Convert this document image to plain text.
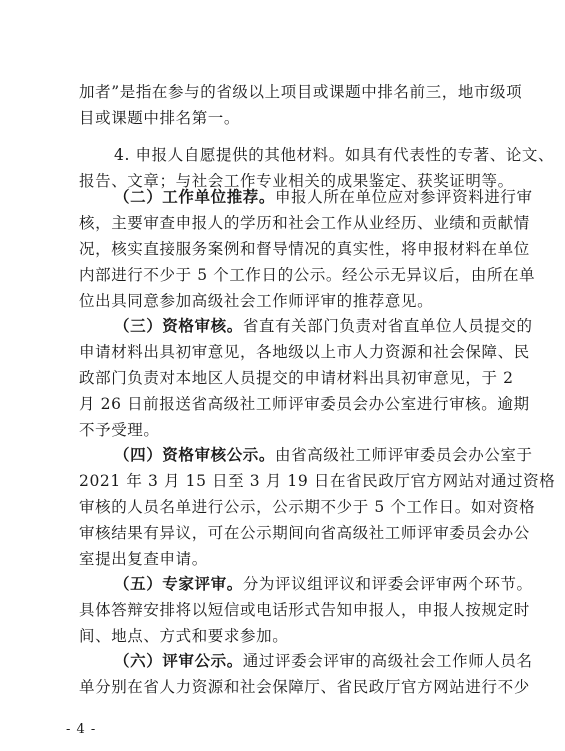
加者”是指在参与的省级以上项目或课题中排名前三，地市级项
目或课题中排名第一。
4. 申报人自愿提供的其他材料。如具有代表性的专著、论文、
报告、文章；与社会工作专业相关的成果鉴定、获奖证明等。
（二）工作单位推荐。申报人所在单位应对参评资料进行审
核，主要审查申报人的学历和社会工作从业经历、业绩和贡献情
况，核实直接服务案例和督导情况的真实性，将申报材料在单位
内部进行不少于 5 个工作日的公示。经公示无异议后，由所在单
位出具同意参加高级社会工作师评审的推荐意见。
（三）资格审核。省直有关部门负责对省直单位人员提交的
申请材料出具初审意见，各地级以上市人力资源和社会保障、民
政部门负责对本地区人员提交的申请材料出具初审意见，于 2
月 26 日前报送省高级社工师评审委员会办公室进行审核。逾期
不予受理。
（四）资格审核公示。由省高级社工师评审委员会办公室于
2021 年 3 月 15 日至 3 月 19 日在省民政厅官方网站对通过资格
审核的人员名单进行公示，公示期不少于 5 个工作日。如对资格
审核结果有异议，可在公示期间向省高级社工师评审委员会办公
室提出复查申请。
（五）专家评审。分为评议组评议和评委会评审两个环节。
具体答辩安排将以短信或电话形式告知申报人，申报人按规定时
间、地点、方式和要求参加。
（六）评审公示。通过评委会评审的高级社会工作师人员名
单分别在省人力资源和社会保障厅、省民政厅官方网站进行不少
- 4 -
